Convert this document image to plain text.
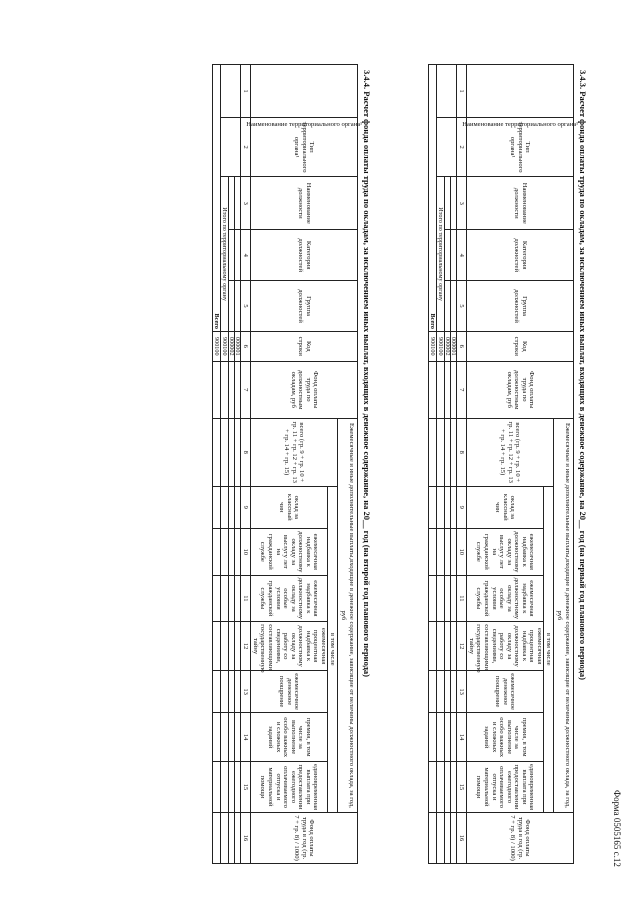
Форма 0505165 с.12
3.4.3. Расчет фонда оплаты труда по окладам, за исключением иных выплат, входящих в денежное содержание, на 20__ год (на первый год планового периода)
Наименование территориального органа¹	Тип территориального органа¹	Наименование должности	Категория должностей	Группа должностей	Код строки	Фонд оплаты труда по должностным окладам, руб	Ежемесячные и иные дополнительные выплаты,входящие в денежное содержание, зависящие от величины должностного оклада, за год, руб								Фонд оплаты труда в год (гр. 7 + гр. 8) / 1000)
							всего (гр. 9 + гр. 10 + гр. 11 + гр. 12 + гр. 13 + гр. 14 + гр. 15)	в том числе							
								оклад за классный чин	ежемесячная надбавка к должностному окладу за выслугу лет на гражданской службе	ежемесячная надбавка к должностному окладу за особые условия гражданской службы	ежемесячная процентная надбавка к должностному окладу за работу со сведениями, составляющими государственную тайну	ежемесячное денежное поощрение	премия, в том числе за выполнение особо важных и сложных заданий	единовременная выплата при предоставлении ежегодного оплачиваемого отпуска и материальной помощи	
1	2	3	4	5	6	7	8	9	10	11	12	13	14	15	16
					000001										
					000002										
		Итого по территориальному органу			900100										
Всего					900100										
3.4.4. Расчет фонда оплаты труда по окладам, за исключением иных выплат, входящих в денежное содержание, на 20__ год (на второй год планового периода)
Наименование территориального органа¹	Тип территориального органа¹	Наименование должности	Категория должностей	Группа должностей	Код строки	Фонд оплаты труда по должностным окладам, руб	Ежемесячные и иные дополнительные выплаты,входящие в денежное содержание, зависящие от величины должностного оклада, за год, руб								Фонд оплаты труда в год (гр. 7 + гр. 8) / 1000)
							всего (гр. 9 + гр. 10 + гр. 11 + гр. 12 + гр. 13 + гр. 14 + гр. 15)	в том числе							
								оклад за классный чин	ежемесячная надбавка к должностному окладу за выслугу лет на гражданской службе	ежемесячная надбавка к должностному окладу за особые условия гражданской службы	ежемесячная процентная надбавка к должностному окладу за работу со сведениями, составляющими государственную тайну	ежемесячное денежное поощрение	премия, в том числе за выполнение особо важных и сложных заданий	единовременная выплата при предоставлении ежегодного оплачиваемого отпуска и материальной помощи	
1	2	3	4	5	6	7	8	9	10	11	12	13	14	15	16
					000001										
					000002										
		Итого по территориальному органу			900100										
Всего					900100										
